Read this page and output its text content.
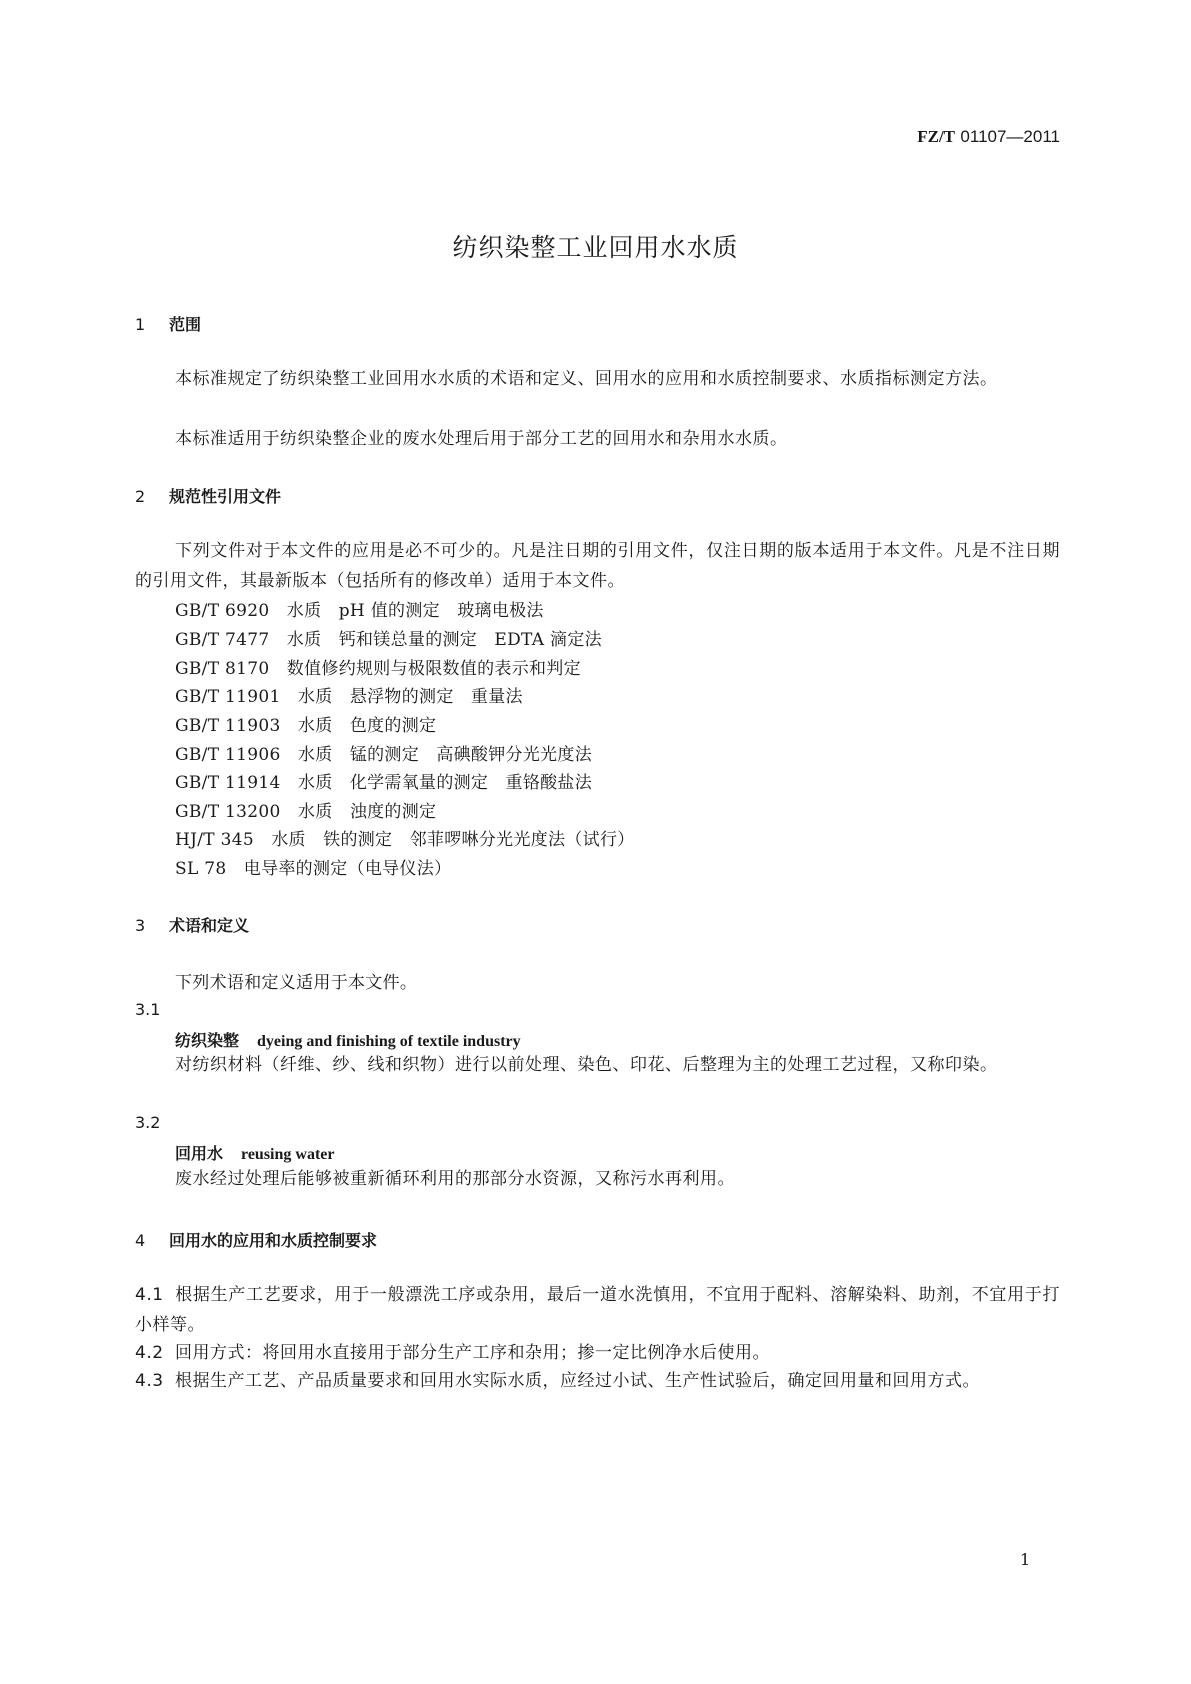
FZ/T 01107—2011
纺织染整工业回用水水质
1 范围

本标准规定了纺织染整工业回用水水质的术语和定义、回用水的应用和水质控制要求、水质指标测定方法。

本标准适用于纺织染整企业的废水处理后用于部分工艺的回用水和杂用水水质。

2 规范性引用文件

下列文件对于本文件的应用是必不可少的。凡是注日期的引用文件，仅注日期的版本适用于本文件。凡是不注日期的引用文件，其最新版本（包括所有的修改单）适用于本文件。

GB/T 6920　水质　pH 值的测定　玻璃电极法
GB/T 7477　水质　钙和镁总量的测定　EDTA 滴定法
GB/T 8170　数值修约规则与极限数值的表示和判定
GB/T 11901　水质　悬浮物的测定　重量法
GB/T 11903　水质　色度的测定
GB/T 11906　水质　锰的测定　高碘酸钾分光光度法
GB/T 11914　水质　化学需氧量的测定　重铬酸盐法
GB/T 13200　水质　浊度的测定
HJ/T 345　水质　铁的测定　邻菲啰啉分光光度法（试行）
SL 78　电导率的测定（电导仪法）
3 术语和定义
下列术语和定义适用于本文件。
3.1
纺织染整 dyeing and finishing of textile industry

对纺织材料（纤维、纱、线和织物）进行以前处理、染色、印花、后整理为主的处理工艺过程，又称印染。

3.2
回用水 reusing water

废水经过处理后能够被重新循环利用的那部分水资源，又称污水再利用。

4 回用水的应用和水质控制要求

4.1 根据生产工艺要求，用于一般漂洗工序或杂用，最后一道水洗慎用，不宜用于配料、溶解染料、助剂，不宜用于打小样等。

4.2 回用方式：将回用水直接用于部分生产工序和杂用；掺一定比例净水后使用。

4.3 根据生产工艺、产品质量要求和回用水实际水质，应经过小试、生产性试验后，确定回用量和回用方式。

1
